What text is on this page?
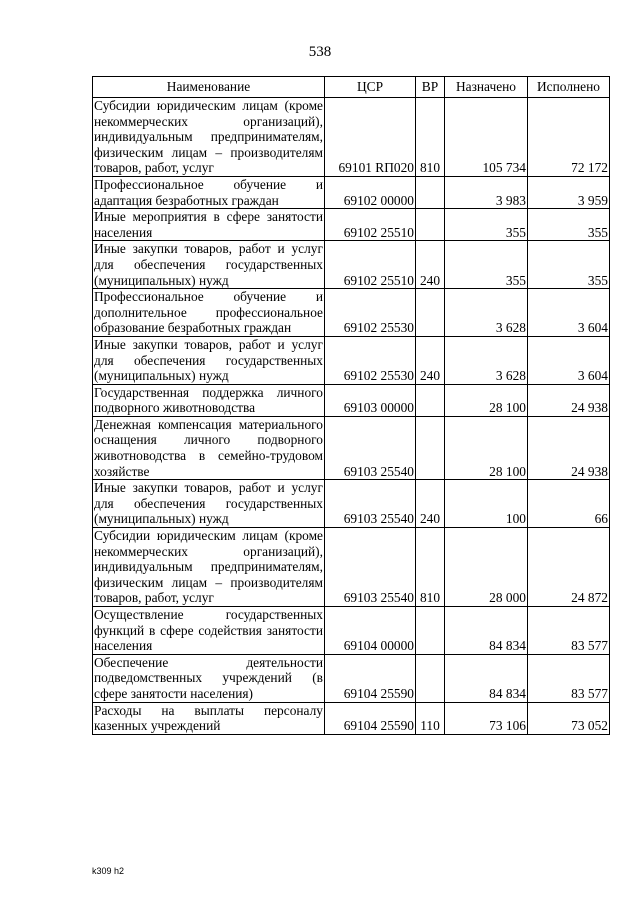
538
Наименование	ЦСР	ВР	Назначено	Исполнено
Субсидии юридическим лицам (кроме некоммерческих организаций), индивидуальным предпринимателям, физическим лицам – производителям товаров, работ, услуг	69101 RП020	810	105 734	72 172
Профессиональное обучение и адаптация безработных граждан	69102 00000		3 983	3 959
Иные мероприятия в сфере занятости населения	69102 25510		355	355
Иные закупки товаров, работ и услуг для обеспечения государственных (муниципальных) нужд	69102 25510	240	355	355
Профессиональное обучение и дополнительное профессиональное образование безработных граждан	69102 25530		3 628	3 604
Иные закупки товаров, работ и услуг для обеспечения государственных (муниципальных) нужд	69102 25530	240	3 628	3 604
Государственная поддержка личного подворного животноводства	69103 00000		28 100	24 938
Денежная компенсация материального оснащения личного подворного животноводства в семейно-трудовом хозяйстве	69103 25540		28 100	24 938
Иные закупки товаров, работ и услуг для обеспечения государственных (муниципальных) нужд	69103 25540	240	100	66
Субсидии юридическим лицам (кроме некоммерческих организаций), индивидуальным предпринимателям, физическим лицам – производителям товаров, работ, услуг	69103 25540	810	28 000	24 872
Осуществление государственных функций в сфере содействия занятости населения	69104 00000		84 834	83 577
Обеспечение деятельности подведомственных учреждений (в сфере занятости населения)	69104 25590		84 834	83 577
Расходы на выплаты персоналу казенных учреждений	69104 25590	110	73 106	73 052
k309 h2
